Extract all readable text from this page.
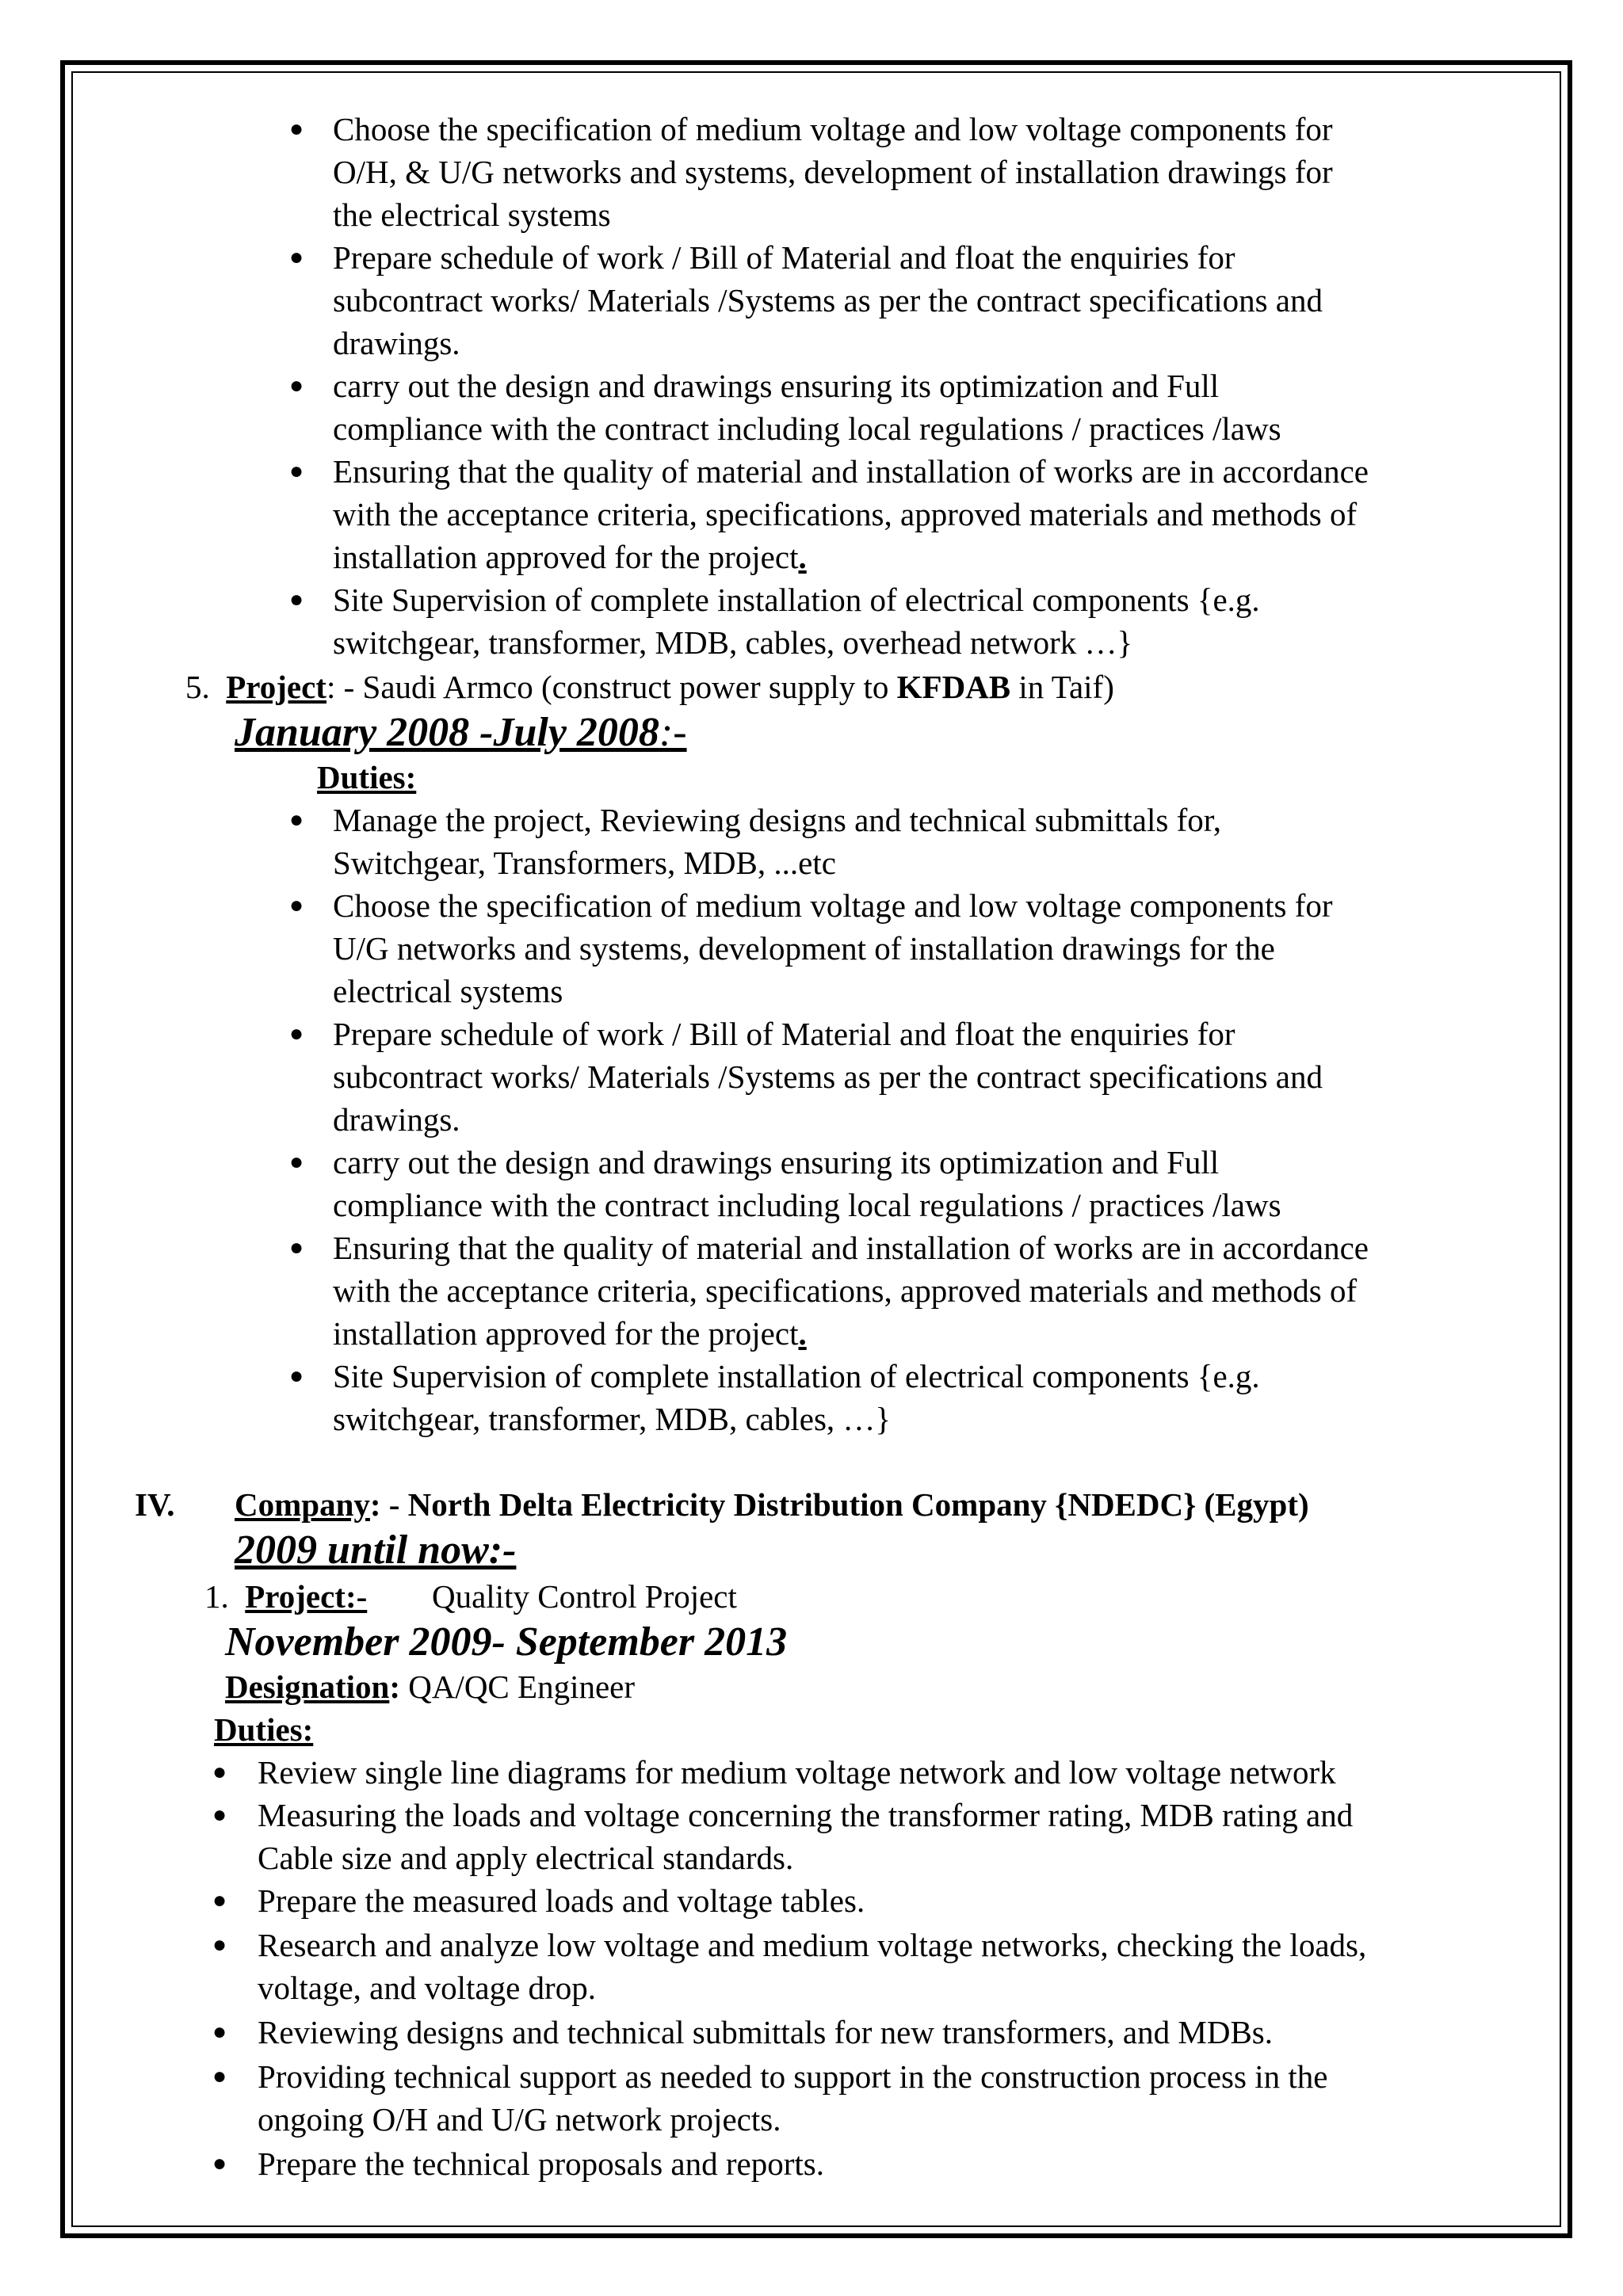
● Choose the specification of medium voltage and low voltage components for
O/H, & U/G networks and systems, development of installation drawings for
the electrical systems
● Prepare schedule of work / Bill of Material and float the enquiries for
subcontract works/ Materials /Systems as per the contract specifications and
drawings.
● carry out the design and drawings ensuring its optimization and Full
compliance with the contract including local regulations / practices /laws
● Ensuring that the quality of material and installation of works are in accordance
with the acceptance criteria, specifications, approved materials and methods of
installation approved for the project.
● Site Supervision of complete installation of electrical components {e.g.
switchgear, transformer, MDB, cables, overhead network …}
5. Project: - Saudi Armco (construct power supply to KFDAB in Taif)
January 2008 -July 2008:-
Duties:
● Manage the project, Reviewing designs and technical submittals for,
Switchgear, Transformers, MDB, ...etc
● Choose the specification of medium voltage and low voltage components for
U/G networks and systems, development of installation drawings for the
electrical systems
● Prepare schedule of work / Bill of Material and float the enquiries for
subcontract works/ Materials /Systems as per the contract specifications and
drawings.
● carry out the design and drawings ensuring its optimization and Full
compliance with the contract including local regulations / practices /laws
● Ensuring that the quality of material and installation of works are in accordance
with the acceptance criteria, specifications, approved materials and methods of
installation approved for the project.
● Site Supervision of complete installation of electrical components {e.g.
switchgear, transformer, MDB, cables, …}
IV. Company: - North Delta Electricity Distribution Company {NDEDC} (Egypt)
2009 until now:-
1. Project:- Quality Control Project
November 2009- September 2013
Designation: QA/QC Engineer
Duties:
● Review single line diagrams for medium voltage network and low voltage network
● Measuring the loads and voltage concerning the transformer rating, MDB rating and
Cable size and apply electrical standards.
● Prepare the measured loads and voltage tables.
● Research and analyze low voltage and medium voltage networks, checking the loads,
voltage, and voltage drop.
● Reviewing designs and technical submittals for new transformers, and MDBs.
● Providing technical support as needed to support in the construction process in the
ongoing O/H and U/G network projects.
● Prepare the technical proposals and reports.
